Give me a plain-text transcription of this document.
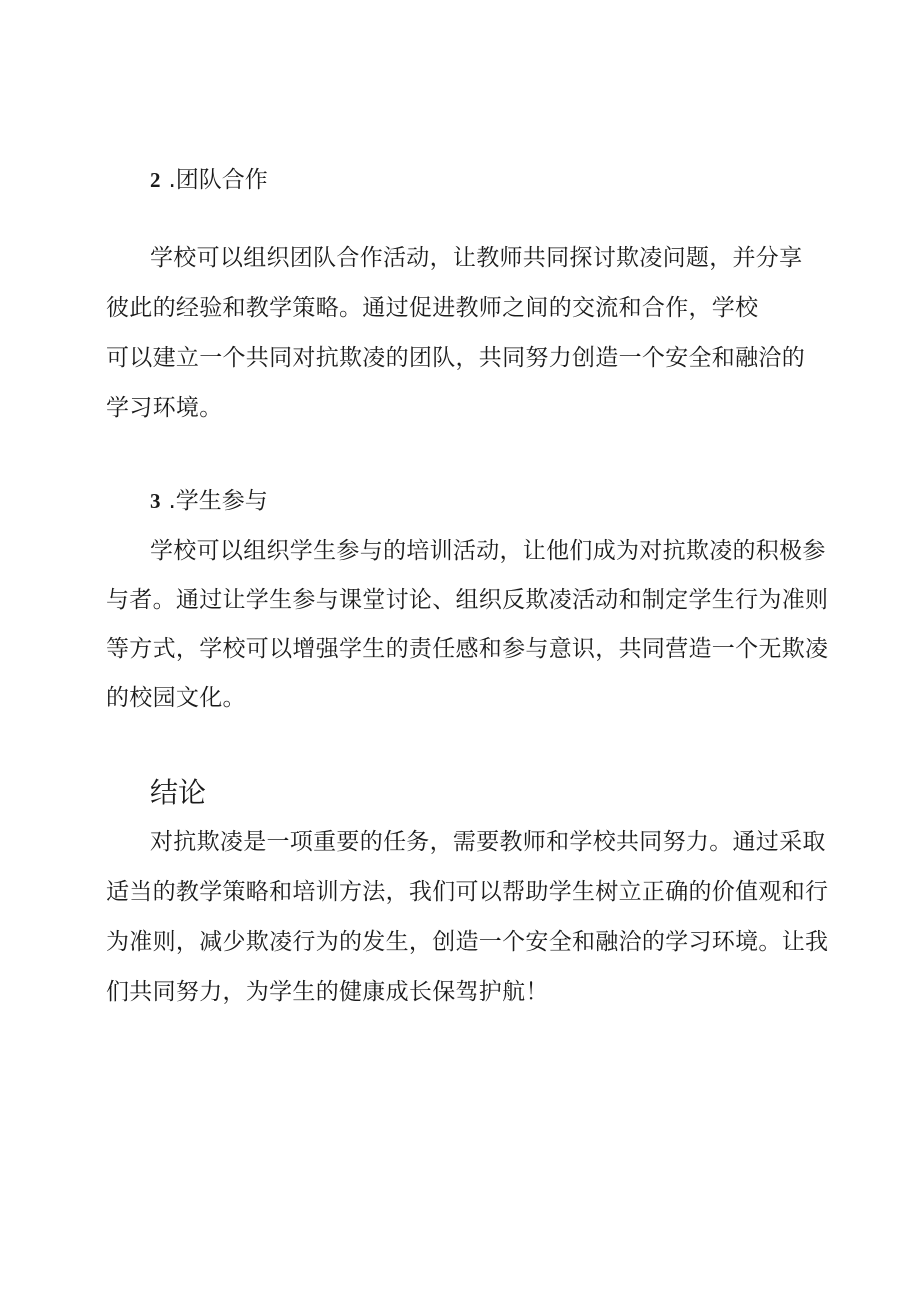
2 .团队合作
学校可以组织团队合作活动，让教师共同探讨欺凌问题，并分享
彼此的经验和教学策略。通过促进教师之间的交流和合作，学校
可以建立一个共同对抗欺凌的团队，共同努力创造一个安全和融洽的
学习环境。
3 .学生参与
学校可以组织学生参与的培训活动，让他们成为对抗欺凌的积极参
与者。通过让学生参与课堂讨论、组织反欺凌活动和制定学生行为准则
等方式，学校可以增强学生的责任感和参与意识，共同营造一个无欺凌
的校园文化。
结论
对抗欺凌是一项重要的任务，需要教师和学校共同努力。通过采取
适当的教学策略和培训方法，我们可以帮助学生树立正确的价值观和行
为准则，减少欺凌行为的发生，创造一个安全和融洽的学习环境。让我
们共同努力，为学生的健康成长保驾护航！
